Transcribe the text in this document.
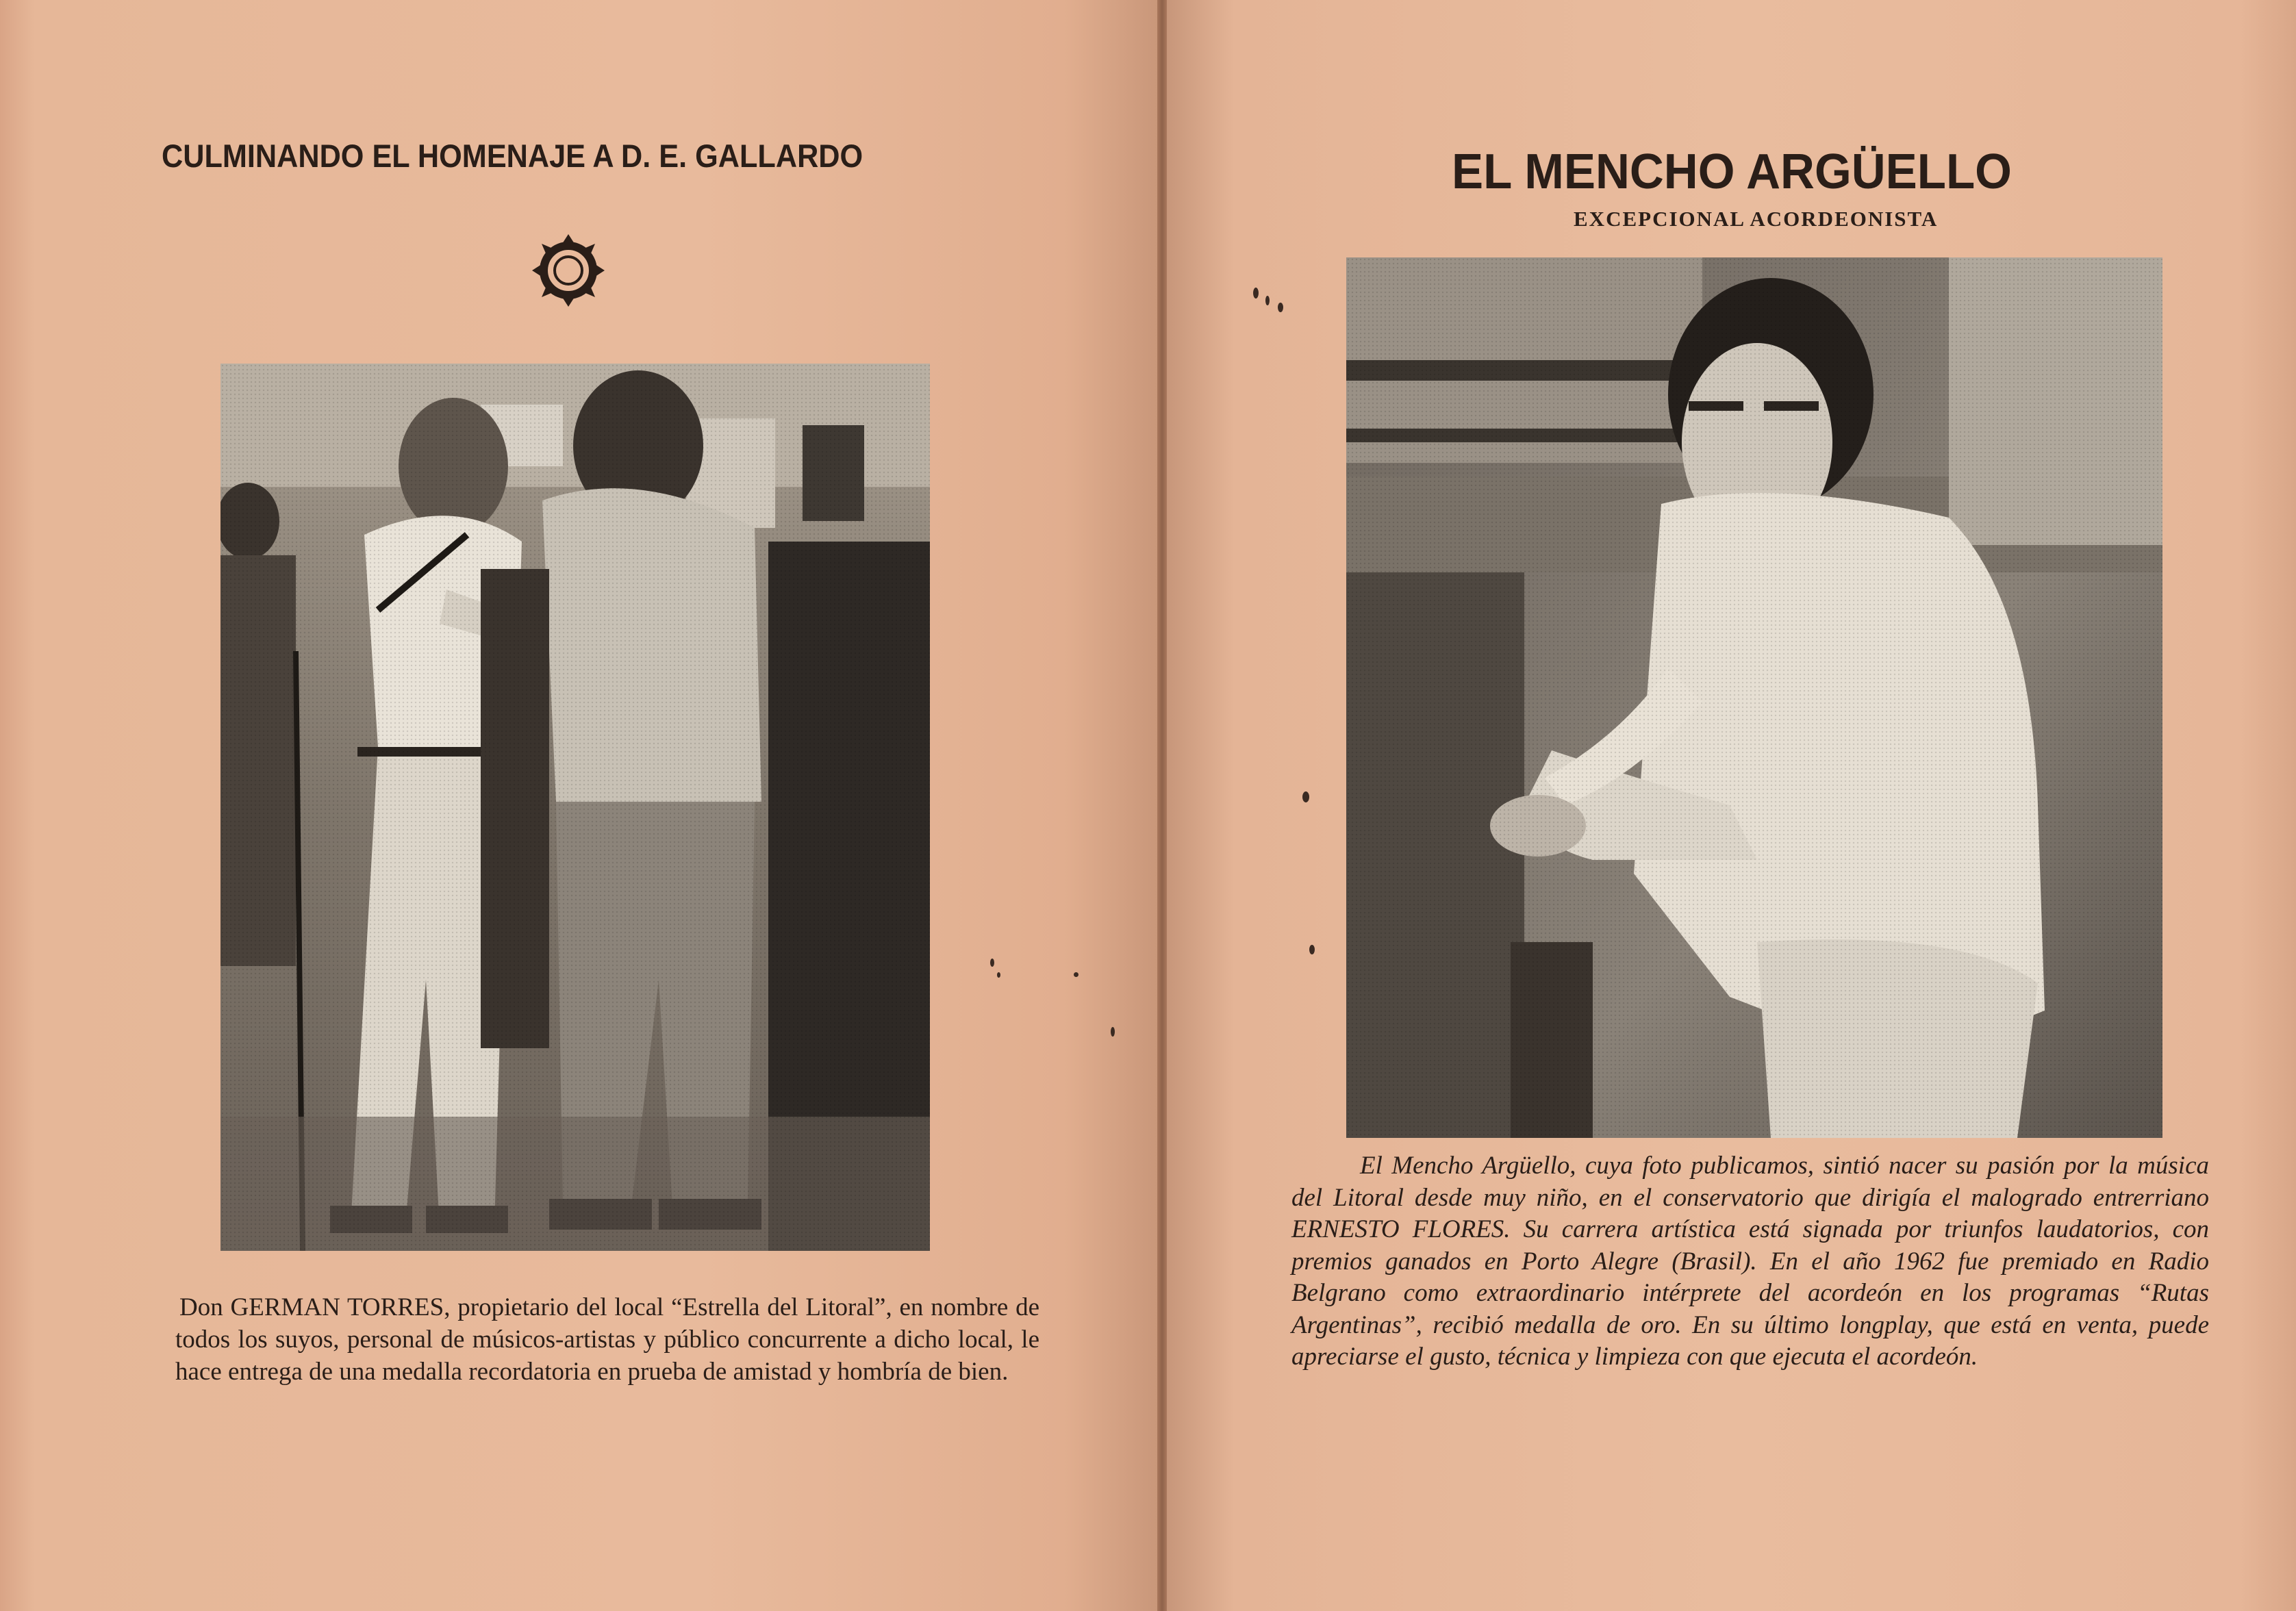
CULMINANDO EL HOMENAJE A D. E. GALLARDO

Don GERMAN TORRES, propietario del local “Estrella del Litoral”, en nombre de todos los suyos, personal de músicos-artistas y público concurrente a dicho local, le hace entrega de una medalla recordatoria en prueba de amistad y hombría de bien.

EL MENCHO ARGÜELLO
EXCEPCIONAL ACORDEONISTA

El Mencho Argüello, cuya foto publicamos, sintió nacer su pasión por la música del Litoral desde muy niño, en el conservatorio que dirigía el malogrado entrerriano ERNESTO FLORES. Su carrera artística está signada por triunfos laudatorios, con premios ganados en Porto Alegre (Brasil). En el año 1962 fue premiado en Radio Belgrano como extraordinario intérprete del acordeón en los programas “Rutas Argentinas”, recibió medalla de oro. En su último longplay, que está en venta, puede apreciarse el gusto, técnica y limpieza con que ejecuta el acordeón.
